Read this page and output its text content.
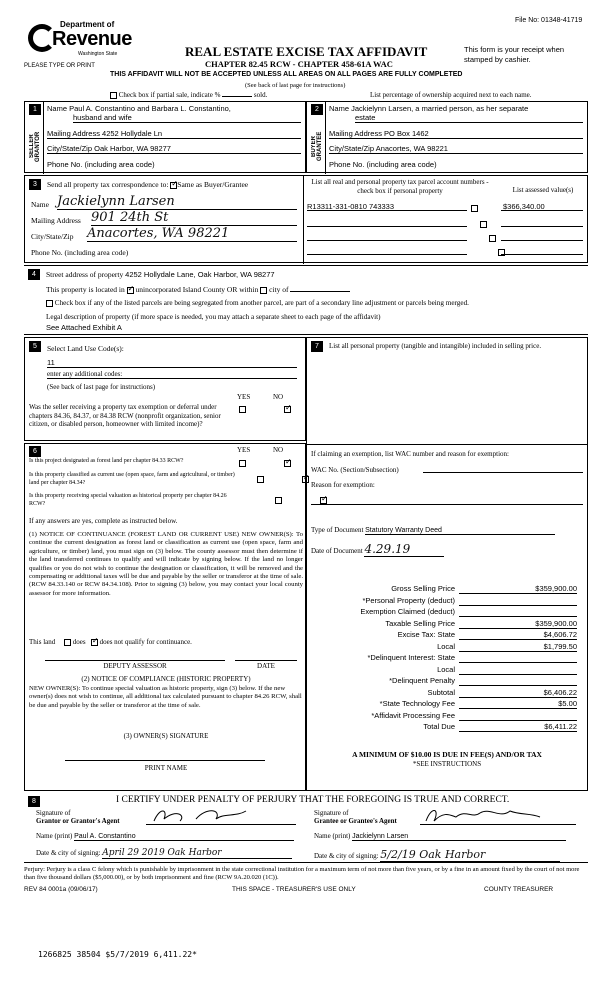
File No: 01348-41719
Department of
Revenue
Washington State
PLEASE TYPE OR PRINT
REAL ESTATE EXCISE TAX AFFIDAVIT
CHAPTER 82.45 RCW - CHAPTER 458-61A WAC
This form is your receipt when stamped by cashier.
THIS AFFIDAVIT WILL NOT BE ACCEPTED UNLESS ALL AREAS ON ALL PAGES ARE FULLY COMPLETED
(See back of last page for instructions)
Check box if partial sale, indicate %	sold.	List percentage of ownership acquired next to each name.
1
SELLER GRANTOR
Name Paul A. Constantino and Barbara L. Constantino,
husband and wife
Mailing Address 4252 Hollydale Ln
City/State/Zip Oak Harbor, WA 98277
Phone No. (including area code)
2
BUYER GRANTEE
Name Jackielynn Larsen, a married person, as her separate
estate
Mailing Address PO Box 1462
City/State/Zip Anacortes, WA 98221
Phone No. (including area code)
3	Send all property tax correspondence to: ✓ Same as Buyer/Grantee
Name Jackielynn Larsen
Mailing Address 901 24th St
City/State/Zip Anacortes, WA 98221
Phone No. (including area code)
List all real and personal property tax parcel account numbers - check box if personal property	List assessed value(s)
R13311-331-0810 743333	$366,340.00

4	Street address of property 4252 Hollydale Lane, Oak Harbor, WA 98277
This property is located in ✓ unincorporated Island County OR within city of
Check box if any of the listed parcels are being segregated from another parcel, are part of a secondary line adjustment or parcels being merged.
Legal description of property (if more space is needed, you may attach a separate sheet to each page of the affidavit)
See Attached Exhibit A
5	Select Land Use Code(s):
11
enter any additional codes:
(See back of last page for instructions)
YES	NO
Was the seller receiving a property tax exemption or deferral under chapters 84.36, 84.37, or 84.38 RCW (nonprofit organization, senior citizen, or disabled person, homeowner with limited income)?
✓
6	YES	NO
Is this project designated as forest land per chapter 84.33 RCW?
✓
Is this property classified as current use (open space, farm and agricultural, or timber) land per chapter 84.34?
✓
Is this property receiving special valuation as historical property per chapter 84.26 RCW?
✓
If any answers are yes, complete as instructed below.
(1) NOTICE OF CONTINUANCE (FOREST LAND OR CURRENT USE) NEW OWNER(S): To continue the current designation as forest land or classification as current use (open space, farm and agriculture, or timber) land, you must sign on (3) below. The county assessor must then determine if the land transferred continues to qualify and will indicate by signing below. If the land no longer qualifies or you do not wish to continue the designation or classification, it will be removed and the compensating or additional taxes will be due and payable by the seller or transferor at the time of sale. (RCW 84.33.140 or RCW 84.34.108). Prior to signing (3) below, you may contact your local county assessor for more information.
This land	does ✓ does not qualify for continuance.
DEPUTY ASSESSOR	DATE
(2) NOTICE OF COMPLIANCE (HISTORIC PROPERTY)
NEW OWNER(S): To continue special valuation as historic property, sign (3) below. If the new owner(s) does not wish to continue, all additional tax calculated pursuant to chapter 84.26 RCW, shall be due and payable by the seller or transferor at the time of sale.
(3) OWNER(S) SIGNATURE
PRINT NAME
7	List all personal property (tangible and intangible) included in selling price.
If claiming an exemption, list WAC number and reason for exemption:
WAC No. (Section/Subsection)
Reason for exemption:
Type of Document Statutory Warranty Deed
Date of Document 4.29.19
Gross Selling Price	$359,900.00
*Personal Property (deduct)
Exemption Claimed (deduct)
Taxable Selling Price	$359,900.00
Excise Tax: State	$4,606.72
Local	$1,799.50
*Delinquent Interest: State
Local
*Delinquent Penalty
Subtotal	$6,406.22
*State Technology Fee	$5.00
*Affidavit Processing Fee
Total Due	$6,411.22
A MINIMUM OF $10.00 IS DUE IN FEE(S) AND/OR TAX
*SEE INSTRUCTIONS
8	I CERTIFY UNDER PENALTY OF PERJURY THAT THE FOREGOING IS TRUE AND CORRECT.
Signature of
Grantor or Grantor's Agent
Name (print) Paul A. Constantino
Date & city of signing: April 29 2019 Oak Harbor
Signature of
Grantee or Grantee's Agent
Name (print) Jackielynn Larsen
Date & city of signing: 5/2/19 Oak Harbor
Perjury: Perjury is a class C felony which is punishable by imprisonment in the state correctional institution for a maximum term of not more than five years, or by a fine in an amount fixed by the court of not more than five thousand dollars ($5,000.00), or by both imprisonment and fine (RCW 9A.20.020 (1C)).
REV 84 0001a (09/06/17)	THIS SPACE - TREASURER'S USE ONLY	COUNTY TREASURER
1266825 38504 $5/7/2019 6,411.22*
